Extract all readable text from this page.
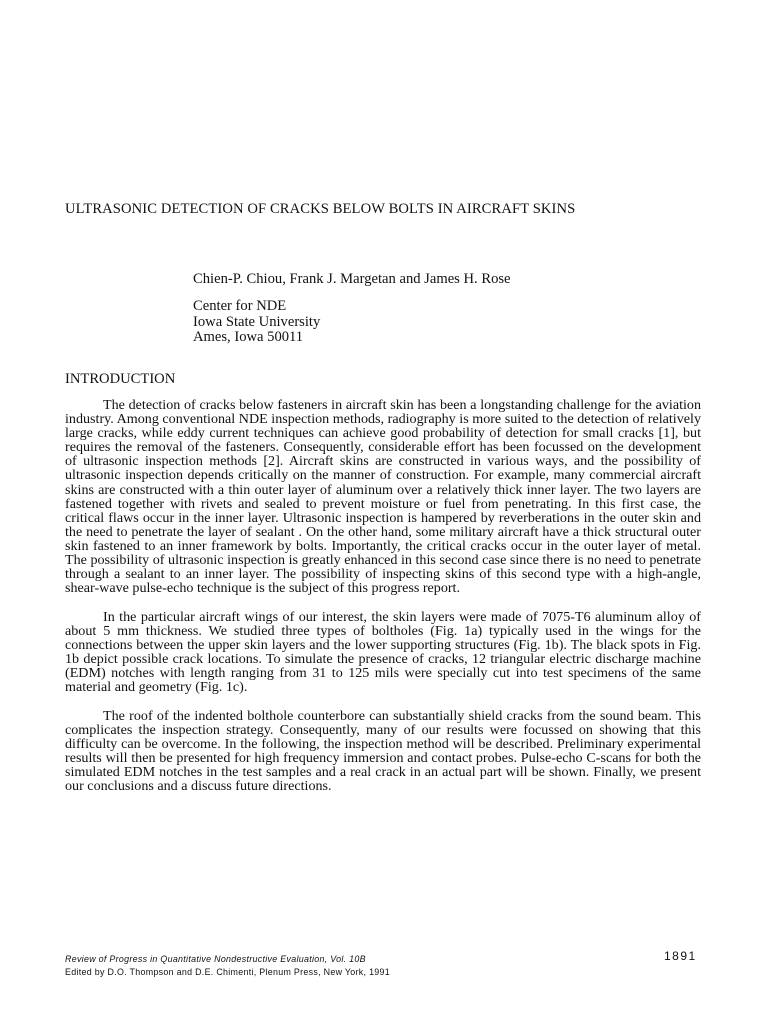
ULTRASONIC DETECTION OF CRACKS BELOW BOLTS IN AIRCRAFT SKINS
Chien-P. Chiou, Frank J. Margetan and James H. Rose
Center for NDE
Iowa State University
Ames, Iowa 50011
INTRODUCTION

The detection of cracks below fasteners in aircraft skin has been a longstanding challenge for the aviation industry. Among conventional NDE inspection methods, radiography is more suited to the detection of relatively large cracks, while eddy current techniques can achieve good probability of detection for small cracks [1], but requires the removal of the fasteners. Consequently, considerable effort has been focussed on the development of ultrasonic inspection methods [2]. Aircraft skins are constructed in various ways, and the possibility of ultrasonic inspection depends critically on the manner of construction. For example, many commercial aircraft skins are constructed with a thin outer layer of aluminum over a relatively thick inner layer. The two layers are fastened together with rivets and sealed to prevent moisture or fuel from penetrating. In this first case, the critical flaws occur in the inner layer. Ultrasonic inspection is hampered by reverberations in the outer skin and the need to penetrate the layer of sealant . On the other hand, some military aircraft have a thick structural outer skin fastened to an inner framework by bolts. Importantly, the critical cracks occur in the outer layer of metal. The possibility of ultrasonic inspection is greatly enhanced in this second case since there is no need to penetrate through a sealant to an inner layer. The possibility of inspecting skins of this second type with a high-angle, shear-wave pulse-echo technique is the subject of this progress report.

In the particular aircraft wings of our interest, the skin layers were made of 7075-T6 aluminum alloy of about 5 mm thickness. We studied three types of boltholes (Fig. 1a) typically used in the wings for the connections between the upper skin layers and the lower supporting structures (Fig. 1b). The black spots in Fig. 1b depict possible crack locations. To simulate the presence of cracks, 12 triangular electric discharge machine (EDM) notches with length ranging from 31 to 125 mils were specially cut into test specimens of the same material and geometry (Fig. 1c).

The roof of the indented bolthole counterbore can substantially shield cracks from the sound beam. This complicates the inspection strategy. Consequently, many of our results were focussed on showing that this difficulty can be overcome. In the following, the inspection method will be described. Preliminary experimental results will then be presented for high frequency immersion and contact probes. Pulse-echo C-scans for both the simulated EDM notches in the test samples and a real crack in an actual part will be shown. Finally, we present our conclusions and a discuss future directions.

Review of Progress in Quantitative Nondestructive Evaluation, Vol. 10B
Edited by D.O. Thompson and D.E. Chimenti, Plenum Press, New York, 1991
1891
